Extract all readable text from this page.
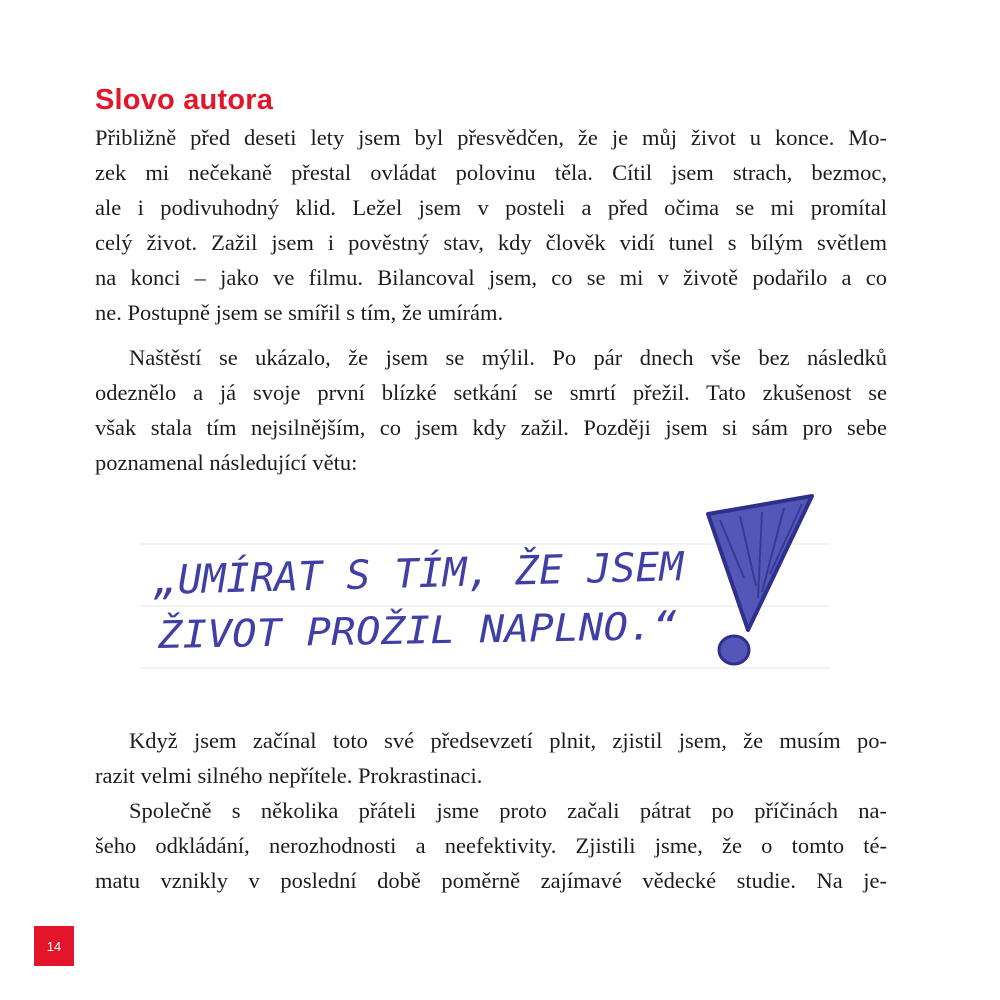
Slovo autora
Přibližně před deseti lety jsem byl přesvědčen, že je můj život u konce. Mo-
zek mi nečekaně přestal ovládat polovinu těla. Cítil jsem strach, bezmoc,
ale i podivuhodný klid. Ležel jsem v posteli a před očima se mi promítal
celý život. Zažil jsem i pověstný stav, kdy člověk vidí tunel s bílým světlem
na konci – jako ve filmu. Bilancoval jsem, co se mi v životě podařilo a co
ne. Postupně jsem se smířil s tím, že umírám.
Naštěstí se ukázalo, že jsem se mýlil. Po pár dnech vše bez následků
odeznělo a já svoje první blízké setkání se smrtí přežil. Tato zkušenost se
však stala tím nejsilnějším, co jsem kdy zažil. Později jsem si sám pro sebe
poznamenal následující větu:
„UMÍRAT S TÍM, ŽE JSEM
ŽIVOT PROŽIL NAPLNO.“
Když jsem začínal toto své předsevzetí plnit, zjistil jsem, že musím po-
razit velmi silného nepřítele. Prokrastinaci.
Společně s několika přáteli jsme proto začali pátrat po příčinách na-
šeho odkládání, nerozhodnosti a neefektivity. Zjistili jsme, že o tomto té-
matu vznikly v poslední době poměrně zajímavé vědecké studie. Na je-
14
